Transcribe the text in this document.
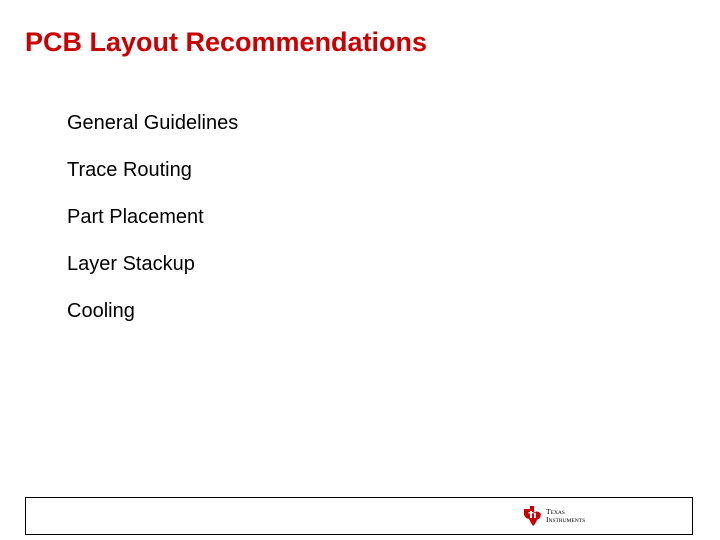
PCB Layout Recommendations
General Guidelines
Trace Routing
Part Placement
Layer Stackup
Cooling
TEXAS
INSTRUMENTS
